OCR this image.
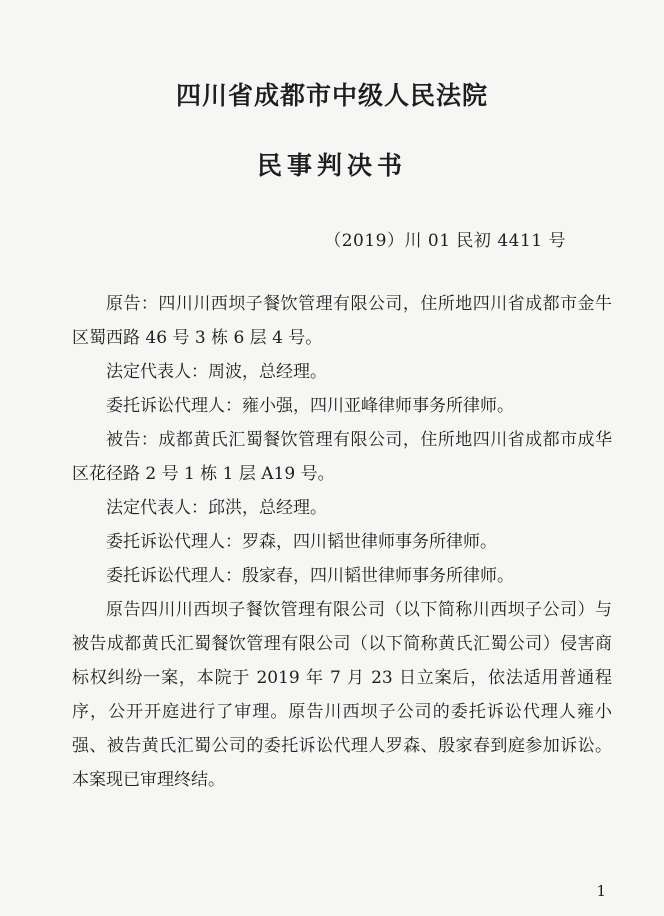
四川省成都市中级人民法院
民事判决书
（2019）川 01 民初 4411 号

原告：四川川西坝子餐饮管理有限公司，住所地四川省成都市金牛区蜀西路 46 号 3 栋 6 层 4 号。

法定代表人：周波，总经理。

委托诉讼代理人：雍小强，四川亚峰律师事务所律师。

被告：成都黄氏汇蜀餐饮管理有限公司，住所地四川省成都市成华区花径路 2 号 1 栋 1 层 A19 号。

法定代表人：邱洪，总经理。

委托诉讼代理人：罗森，四川韬世律师事务所律师。

委托诉讼代理人：殷家春，四川韬世律师事务所律师。

原告四川川西坝子餐饮管理有限公司（以下简称川西坝子公司）与被告成都黄氏汇蜀餐饮管理有限公司（以下简称黄氏汇蜀公司）侵害商标权纠纷一案，本院于 2019 年 7 月 23 日立案后，依法适用普通程序，公开开庭进行了审理。原告川西坝子公司的委托诉讼代理人雍小强、被告黄氏汇蜀公司的委托诉讼代理人罗森、殷家春到庭参加诉讼。本案现已审理终结。

1
